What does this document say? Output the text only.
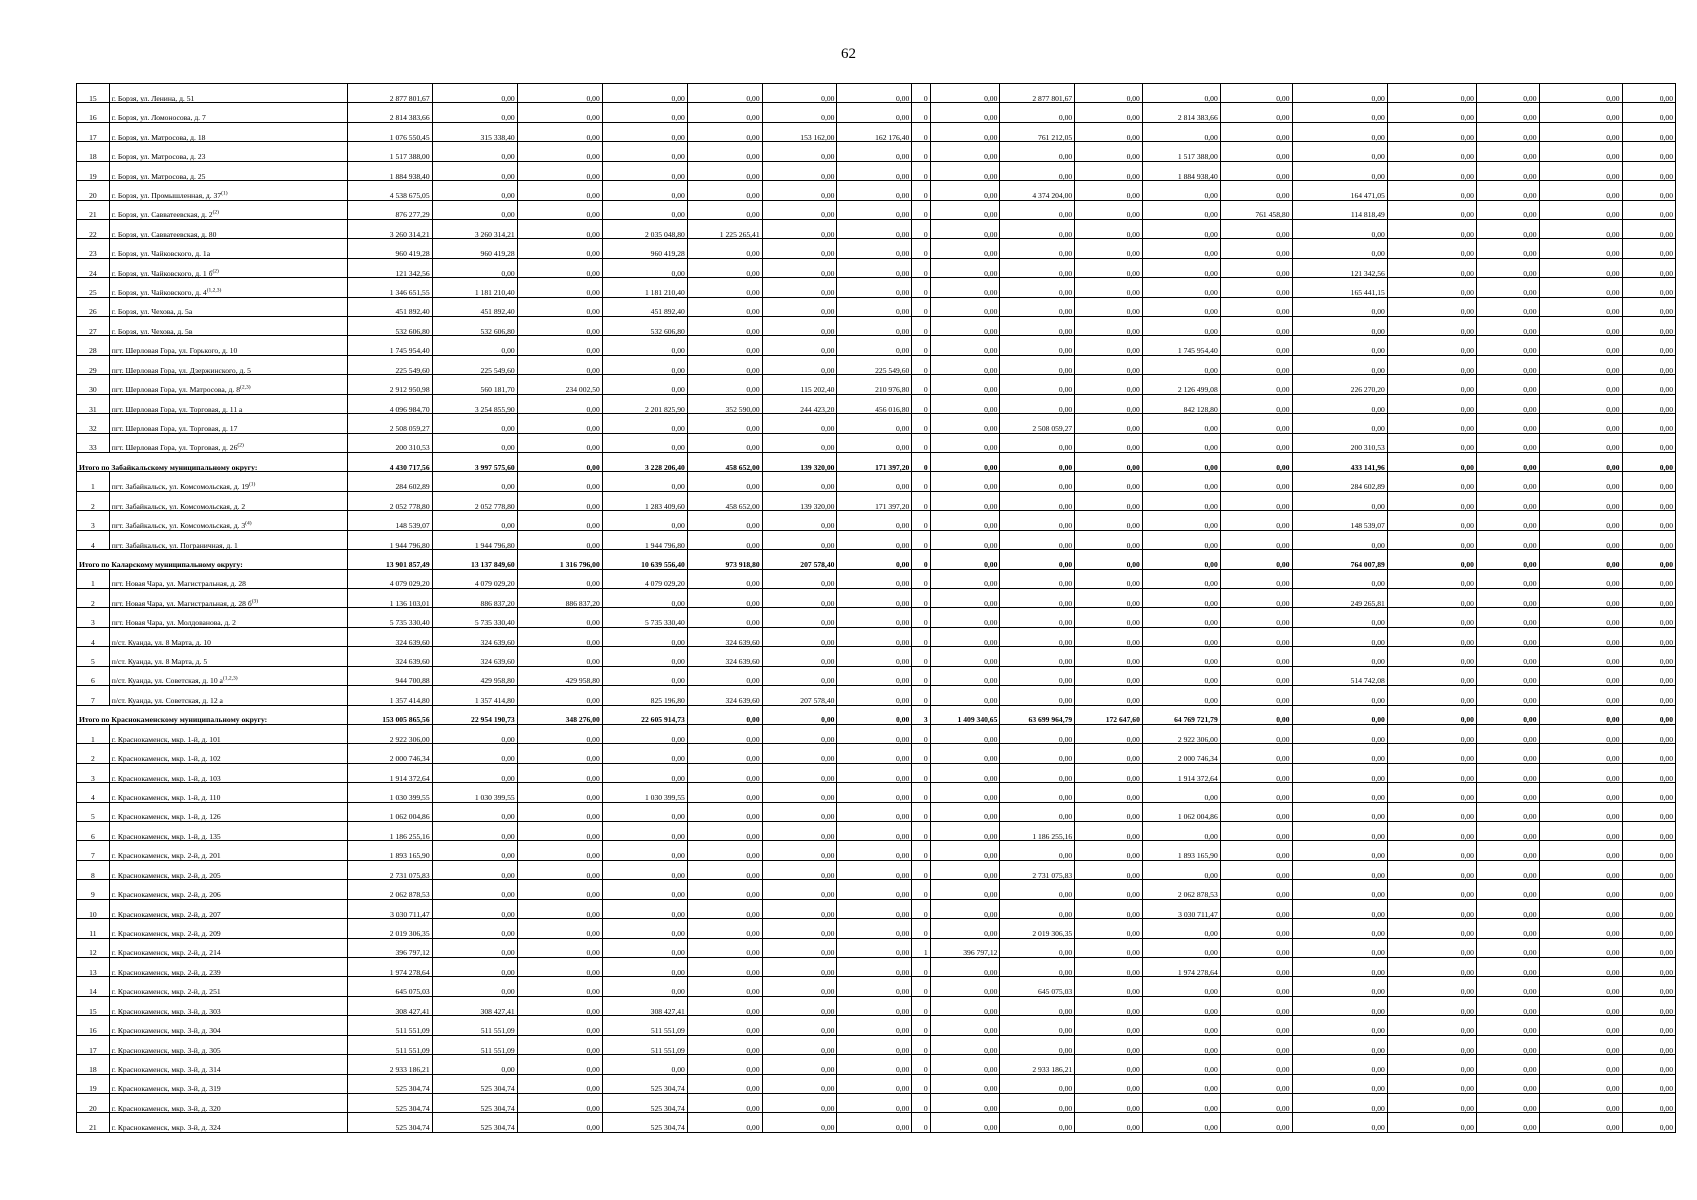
62
15	г. Борзя, ул. Ленина, д. 51	2 877 801,67	0,00	0,00	0,00	0,00	0,00	0,00	0	0,00	2 877 801,67	0,00	0,00	0,00	0,00	0,00	0,00	0,00	0,00
16	г. Борзя, ул. Ломоносова, д. 7	2 814 383,66	0,00	0,00	0,00	0,00	0,00	0,00	0	0,00	0,00	0,00	2 814 383,66	0,00	0,00	0,00	0,00	0,00	0,00
17	г. Борзя, ул. Матросова, д. 18	1 076 550,45	315 338,40	0,00	0,00	0,00	153 162,00	162 176,40	0	0,00	761 212,05	0,00	0,00	0,00	0,00	0,00	0,00	0,00	0,00
18	г. Борзя, ул. Матросова, д. 23	1 517 388,00	0,00	0,00	0,00	0,00	0,00	0,00	0	0,00	0,00	0,00	1 517 388,00	0,00	0,00	0,00	0,00	0,00	0,00
19	г. Борзя, ул. Матросова, д. 25	1 884 938,40	0,00	0,00	0,00	0,00	0,00	0,00	0	0,00	0,00	0,00	1 884 938,40	0,00	0,00	0,00	0,00	0,00	0,00
20	г. Борзя, ул. Промышленная, д. 37$^{(1)}$	4 538 675,05	0,00	0,00	0,00	0,00	0,00	0,00	0	0,00	4 374 204,00	0,00	0,00	0,00	164 471,05	0,00	0,00	0,00	0,00
21	г. Борзя, ул. Савватеевская, д. 2$^{(2)}$	876 277,29	0,00	0,00	0,00	0,00	0,00	0,00	0	0,00	0,00	0,00	0,00	761 458,80	114 818,49	0,00	0,00	0,00	0,00
22	г. Борзя, ул. Савватеевская, д. 80	3 260 314,21	3 260 314,21	0,00	2 035 048,80	1 225 265,41	0,00	0,00	0	0,00	0,00	0,00	0,00	0,00	0,00	0,00	0,00	0,00	0,00
23	г. Борзя, ул. Чайковского, д. 1а	960 419,28	960 419,28	0,00	960 419,28	0,00	0,00	0,00	0	0,00	0,00	0,00	0,00	0,00	0,00	0,00	0,00	0,00	0,00
24	г. Борзя, ул. Чайковского, д. 1 $б^{(2)}$	121 342,56	0,00	0,00	0,00	0,00	0,00	0,00	0	0,00	0,00	0,00	0,00	0,00	121 342,56	0,00	0,00	0,00	0,00
25	г. Борзя, ул. Чайковского, д. 4$^{(1,2,3)}$	1 346 651,55	1 181 210,40	0,00	1 181 210,40	0,00	0,00	0,00	0	0,00	0,00	0,00	0,00	0,00	165 441,15	0,00	0,00	0,00	0,00
26	г. Борзя, ул. Чехова, д. 5а	451 892,40	451 892,40	0,00	451 892,40	0,00	0,00	0,00	0	0,00	0,00	0,00	0,00	0,00	0,00	0,00	0,00	0,00	0,00
27	г. Борзя, ул. Чехова, д. 5в	532 606,80	532 606,80	0,00	532 606,80	0,00	0,00	0,00	0	0,00	0,00	0,00	0,00	0,00	0,00	0,00	0,00	0,00	0,00
28	пгт. Шерловая Гора, ул. Горького, д. 10	1 745 954,40	0,00	0,00	0,00	0,00	0,00	0,00	0	0,00	0,00	0,00	1 745 954,40	0,00	0,00	0,00	0,00	0,00	0,00
29	пгт. Шерловая Гора, ул. Дзержинского, д. 5	225 549,60	225 549,60	0,00	0,00	0,00	0,00	225 549,60	0	0,00	0,00	0,00	0,00	0,00	0,00	0,00	0,00	0,00	0,00
30	пгт. Шерловая Гора, ул. Матросова, д. 8$^{(2,3)}$	2 912 950,98	560 181,70	234 002,50	0,00	0,00	115 202,40	210 976,80	0	0,00	0,00	0,00	2 126 499,08	0,00	226 270,20	0,00	0,00	0,00	0,00
31	пгт. Шерловая Гора, ул. Торговая, д. 11 а	4 096 984,70	3 254 855,90	0,00	2 201 825,90	352 590,00	244 423,20	456 016,80	0	0,00	0,00	0,00	842 128,80	0,00	0,00	0,00	0,00	0,00	0,00
32	пгт. Шерловая Гора, ул. Торговая, д. 17	2 508 059,27	0,00	0,00	0,00	0,00	0,00	0,00	0	0,00	2 508 059,27	0,00	0,00	0,00	0,00	0,00	0,00	0,00	0,00
33	пгт. Шерловая Гора, ул. Торговая, д. 26$^{(2)}$	200 310,53	0,00	0,00	0,00	0,00	0,00	0,00	0	0,00	0,00	0,00	0,00	0,00	200 310,53	0,00	0,00	0,00	0,00
Итого по Забайкальскому муниципальному округу:		4 430 717,56	3 997 575,60	0,00	3 228 206,40	458 652,00	139 320,00	171 397,20	0	0,00	0,00	0,00	0,00	0,00	433 141,96	0,00	0,00	0,00	0,00
1	пгт. Забайкальск, ул. Комсомольская, д. 19$^{(1)}$	284 602,89	0,00	0,00	0,00	0,00	0,00	0,00	0	0,00	0,00	0,00	0,00	0,00	284 602,89	0,00	0,00	0,00	0,00
2	пгт. Забайкальск, ул. Комсомольская, д. 2	2 052 778,80	2 052 778,80	0,00	1 283 409,60	458 652,00	139 320,00	171 397,20	0	0,00	0,00	0,00	0,00	0,00	0,00	0,00	0,00	0,00	0,00
3	пгт. Забайкальск, ул. Комсомольская, д. 3$^{(4)}$	148 539,07	0,00	0,00	0,00	0,00	0,00	0,00	0	0,00	0,00	0,00	0,00	0,00	148 539,07	0,00	0,00	0,00	0,00
4	пгт. Забайкальск, ул. Пограничная, д. 1	1 944 796,80	1 944 796,80	0,00	1 944 796,80	0,00	0,00	0,00	0	0,00	0,00	0,00	0,00	0,00	0,00	0,00	0,00	0,00	0,00
Итого по Каларскому муниципальному округу:		13 901 857,49	13 137 849,60	1 316 796,00	10 639 556,40	973 918,80	207 578,40	0,00	0	0,00	0,00	0,00	0,00	0,00	764 007,89	0,00	0,00	0,00	0,00
1	пгт. Новая Чара, ул. Магистральная, д. 28	4 079 029,20	4 079 029,20	0,00	4 079 029,20	0,00	0,00	0,00	0	0,00	0,00	0,00	0,00	0,00	0,00	0,00	0,00	0,00	0,00
2	пгт. Новая Чара, ул. Магистральная, д. 28 $б^{(3)}$	1 136 103,01	886 837,20	886 837,20	0,00	0,00	0,00	0,00	0	0,00	0,00	0,00	0,00	0,00	249 265,81	0,00	0,00	0,00	0,00
3	пгт. Новая Чара, ул. Молдованова, д. 2	5 735 330,40	5 735 330,40	0,00	5 735 330,40	0,00	0,00	0,00	0	0,00	0,00	0,00	0,00	0,00	0,00	0,00	0,00	0,00	0,00
4	п/ст. Куанда, ул. 8 Марта, д. 10	324 639,60	324 639,60	0,00	0,00	324 639,60	0,00	0,00	0	0,00	0,00	0,00	0,00	0,00	0,00	0,00	0,00	0,00	0,00
5	п/ст. Куанда, ул. 8 Марта, д. 5	324 639,60	324 639,60	0,00	0,00	324 639,60	0,00	0,00	0	0,00	0,00	0,00	0,00	0,00	0,00	0,00	0,00	0,00	0,00
6	п/ст. Куанда, ул. Советская, д. 10 $а^{(1,2,3)}$	944 700,88	429 958,80	429 958,80	0,00	0,00	0,00	0,00	0	0,00	0,00	0,00	0,00	0,00	514 742,08	0,00	0,00	0,00	0,00
7	п/ст. Куанда, ул. Советская, д. 12 а	1 357 414,80	1 357 414,80	0,00	825 196,80	324 639,60	207 578,40	0,00	0	0,00	0,00	0,00	0,00	0,00	0,00	0,00	0,00	0,00	0,00
Итого по Краснокаменскому муниципальному округу:		153 005 865,56	22 954 190,73	348 276,00	22 605 914,73	0,00	0,00	0,00	3	1 409 340,65	63 699 964,79	172 647,60	64 769 721,79	0,00	0,00	0,00	0,00	0,00	0,00
1	г. Краснокаменск, мкр. 1-й, д. 101	2 922 306,00	0,00	0,00	0,00	0,00	0,00	0,00	0	0,00	0,00	0,00	2 922 306,00	0,00	0,00	0,00	0,00	0,00	0,00
2	г. Краснокаменск, мкр. 1-й, д. 102	2 000 746,34	0,00	0,00	0,00	0,00	0,00	0,00	0	0,00	0,00	0,00	2 000 746,34	0,00	0,00	0,00	0,00	0,00	0,00
3	г. Краснокаменск, мкр. 1-й, д. 103	1 914 372,64	0,00	0,00	0,00	0,00	0,00	0,00	0	0,00	0,00	0,00	1 914 372,64	0,00	0,00	0,00	0,00	0,00	0,00
4	г. Краснокаменск, мкр. 1-й, д. 110	1 030 399,55	1 030 399,55	0,00	1 030 399,55	0,00	0,00	0,00	0	0,00	0,00	0,00	0,00	0,00	0,00	0,00	0,00	0,00	0,00
5	г. Краснокаменск, мкр. 1-й, д. 126	1 062 004,86	0,00	0,00	0,00	0,00	0,00	0,00	0	0,00	0,00	0,00	1 062 004,86	0,00	0,00	0,00	0,00	0,00	0,00
6	г. Краснокаменск, мкр. 1-й, д. 135	1 186 255,16	0,00	0,00	0,00	0,00	0,00	0,00	0	0,00	1 186 255,16	0,00	0,00	0,00	0,00	0,00	0,00	0,00	0,00
7	г. Краснокаменск, мкр. 2-й, д. 201	1 893 165,90	0,00	0,00	0,00	0,00	0,00	0,00	0	0,00	0,00	0,00	1 893 165,90	0,00	0,00	0,00	0,00	0,00	0,00
8	г. Краснокаменск, мкр. 2-й, д. 205	2 731 075,83	0,00	0,00	0,00	0,00	0,00	0,00	0	0,00	2 731 075,83	0,00	0,00	0,00	0,00	0,00	0,00	0,00	0,00
9	г. Краснокаменск, мкр. 2-й, д. 206	2 062 878,53	0,00	0,00	0,00	0,00	0,00	0,00	0	0,00	0,00	0,00	2 062 878,53	0,00	0,00	0,00	0,00	0,00	0,00
10	г. Краснокаменск, мкр. 2-й, д. 207	3 030 711,47	0,00	0,00	0,00	0,00	0,00	0,00	0	0,00	0,00	0,00	3 030 711,47	0,00	0,00	0,00	0,00	0,00	0,00
11	г. Краснокаменск, мкр. 2-й, д. 209	2 019 306,35	0,00	0,00	0,00	0,00	0,00	0,00	0	0,00	2 019 306,35	0,00	0,00	0,00	0,00	0,00	0,00	0,00	0,00
12	г. Краснокаменск, мкр. 2-й, д. 214	396 797,12	0,00	0,00	0,00	0,00	0,00	0,00	1	396 797,12	0,00	0,00	0,00	0,00	0,00	0,00	0,00	0,00	0,00
13	г. Краснокаменск, мкр. 2-й, д. 239	1 974 278,64	0,00	0,00	0,00	0,00	0,00	0,00	0	0,00	0,00	0,00	1 974 278,64	0,00	0,00	0,00	0,00	0,00	0,00
14	г. Краснокаменск, мкр. 2-й, д. 251	645 075,03	0,00	0,00	0,00	0,00	0,00	0,00	0	0,00	645 075,03	0,00	0,00	0,00	0,00	0,00	0,00	0,00	0,00
15	г. Краснокаменск, мкр. 3-й, д. 303	308 427,41	308 427,41	0,00	308 427,41	0,00	0,00	0,00	0	0,00	0,00	0,00	0,00	0,00	0,00	0,00	0,00	0,00	0,00
16	г. Краснокаменск, мкр. 3-й, д. 304	511 551,09	511 551,09	0,00	511 551,09	0,00	0,00	0,00	0	0,00	0,00	0,00	0,00	0,00	0,00	0,00	0,00	0,00	0,00
17	г. Краснокаменск, мкр. 3-й, д. 305	511 551,09	511 551,09	0,00	511 551,09	0,00	0,00	0,00	0	0,00	0,00	0,00	0,00	0,00	0,00	0,00	0,00	0,00	0,00
18	г. Краснокаменск, мкр. 3-й, д. 314	2 933 186,21	0,00	0,00	0,00	0,00	0,00	0,00	0	0,00	2 933 186,21	0,00	0,00	0,00	0,00	0,00	0,00	0,00	0,00
19	г. Краснокаменск, мкр. 3-й, д. 319	525 304,74	525 304,74	0,00	525 304,74	0,00	0,00	0,00	0	0,00	0,00	0,00	0,00	0,00	0,00	0,00	0,00	0,00	0,00
20	г. Краснокаменск, мкр. 3-й, д. 320	525 304,74	525 304,74	0,00	525 304,74	0,00	0,00	0,00	0	0,00	0,00	0,00	0,00	0,00	0,00	0,00	0,00	0,00	0,00
21	г. Краснокаменск, мкр. 3-й, д. 324	525 304,74	525 304,74	0,00	525 304,74	0,00	0,00	0,00	0	0,00	0,00	0,00	0,00	0,00	0,00	0,00	0,00	0,00	0,00
